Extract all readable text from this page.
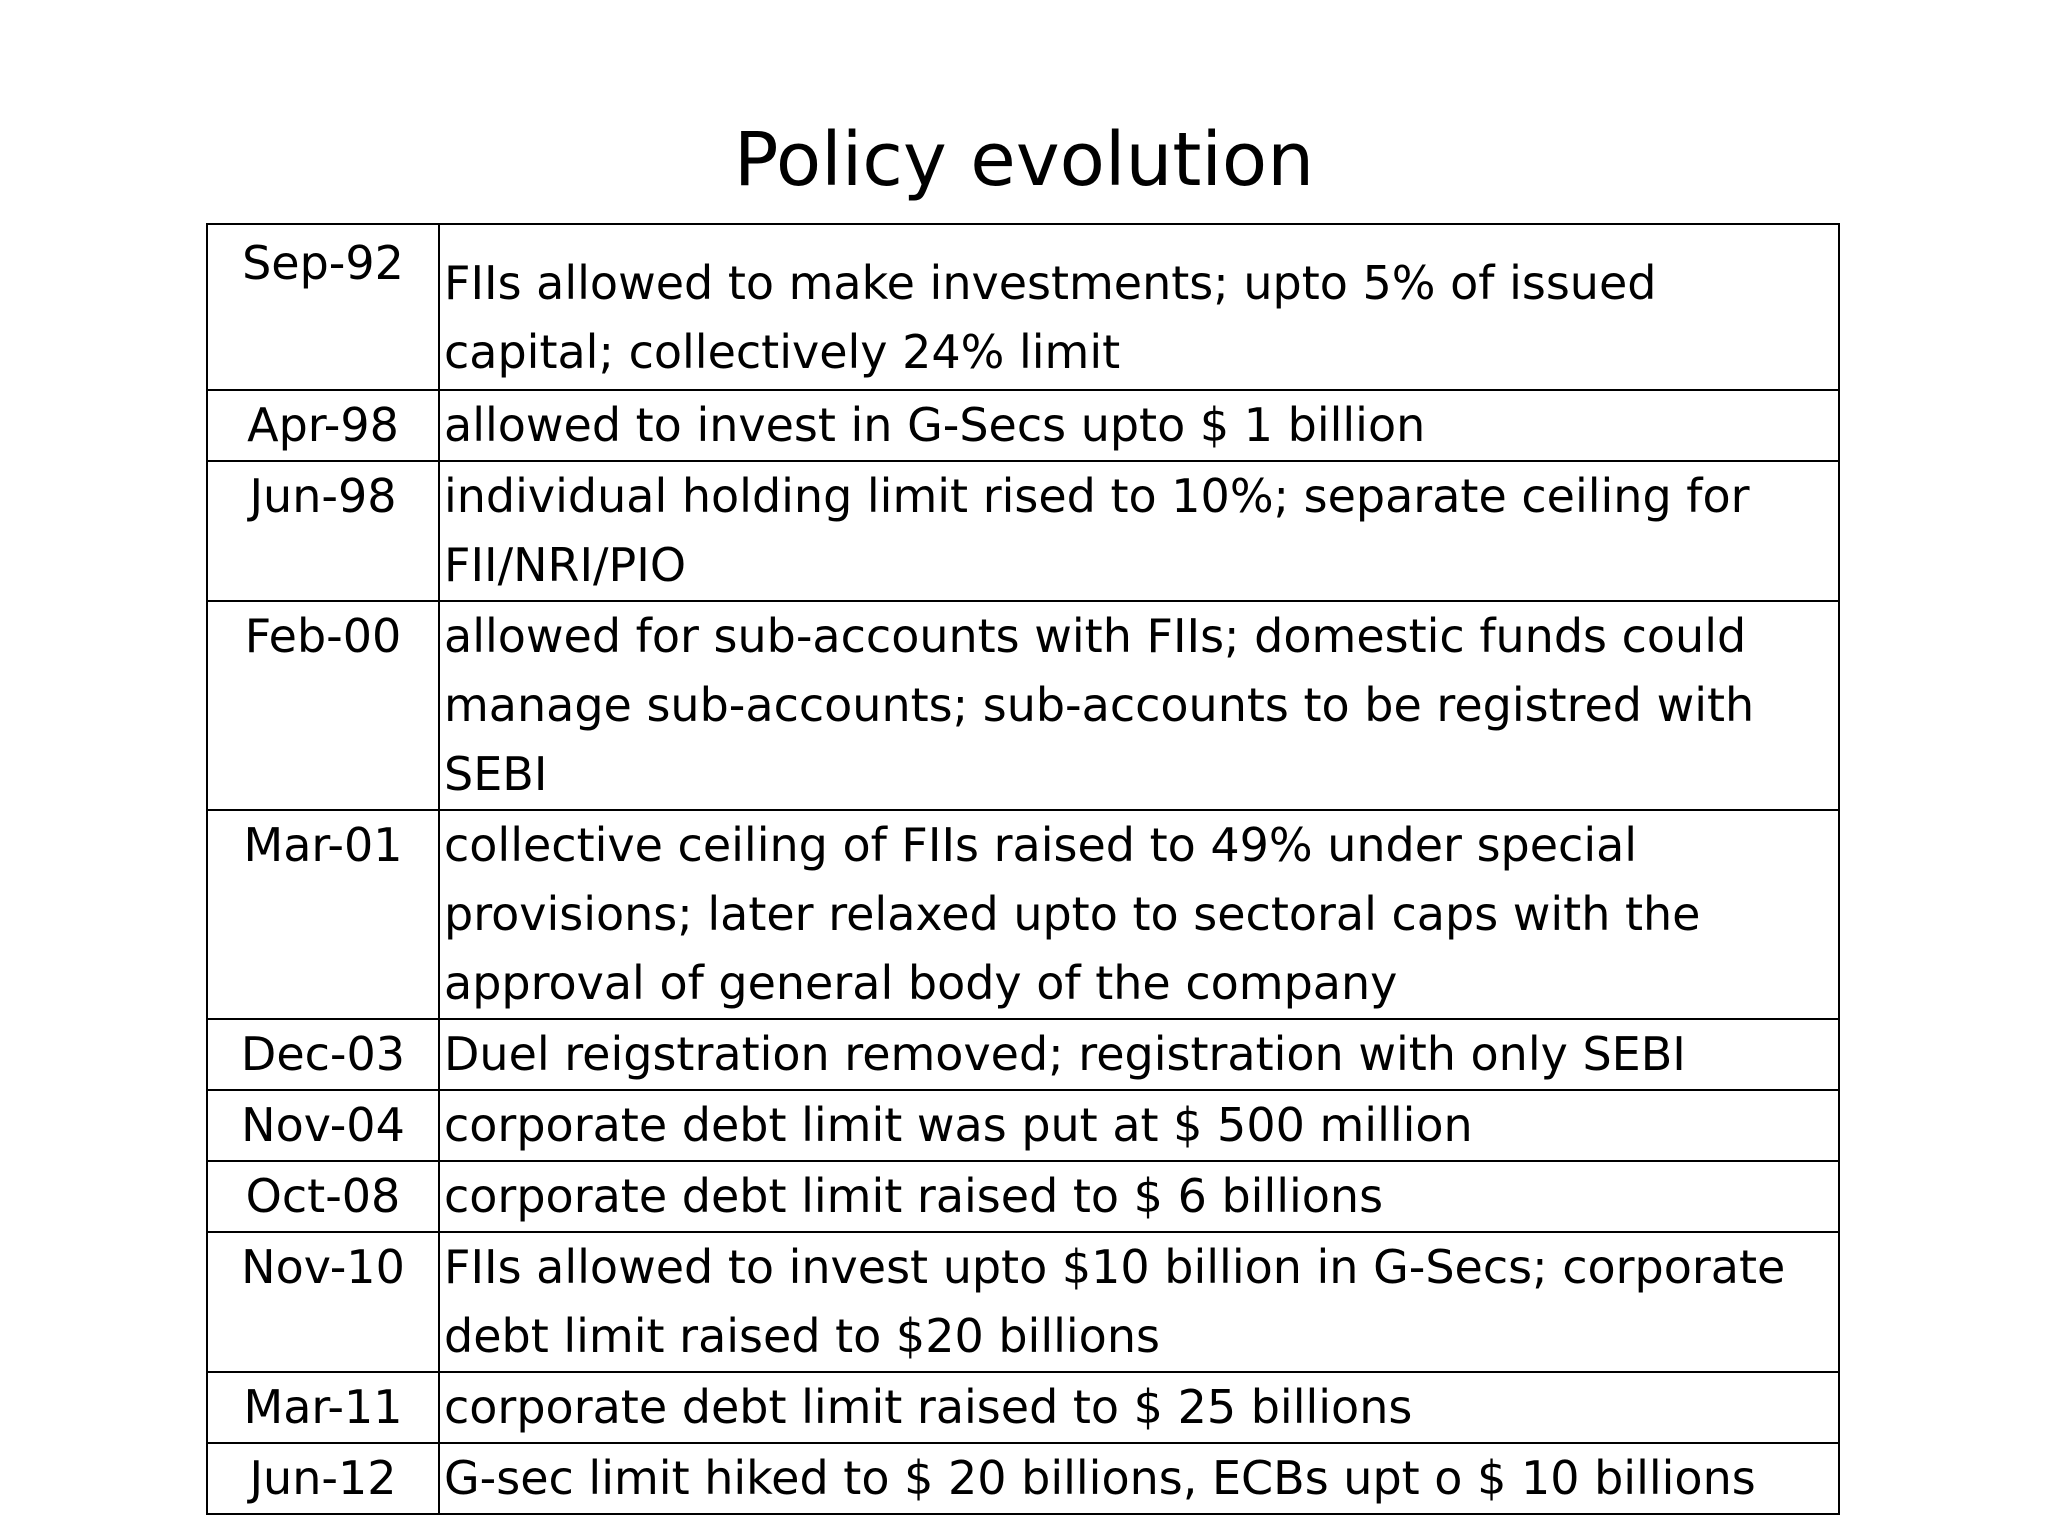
Policy evolution
Sep-92	FIIs allowed to make investments; upto 5% of issued capital; collectively 24% limit
Apr-98	allowed to invest in G-Secs upto $ 1 billion
Jun-98	individual holding limit rised to 10%; separate ceiling for FII/NRI/PIO
Feb-00	allowed for sub-accounts with FIIs; domestic funds could manage sub-accounts; sub-accounts to be registred with SEBI
Mar-01	collective ceiling of FIIs raised to 49% under special provisions; later relaxed upto to sectoral caps with the approval of general body of the company
Dec-03	Duel reigstration removed; registration with only SEBI
Nov-04	corporate debt limit was put at $ 500 million
Oct-08	corporate debt limit raised to $ 6 billions
Nov-10	FIIs allowed to invest upto $10 billion in G-Secs; corporate debt limit raised to $20 billions
Mar-11	corporate debt limit raised to $ 25 billions
Jun-12	G-sec limit hiked to $ 20 billions, ECBs upt o $ 10 billions
